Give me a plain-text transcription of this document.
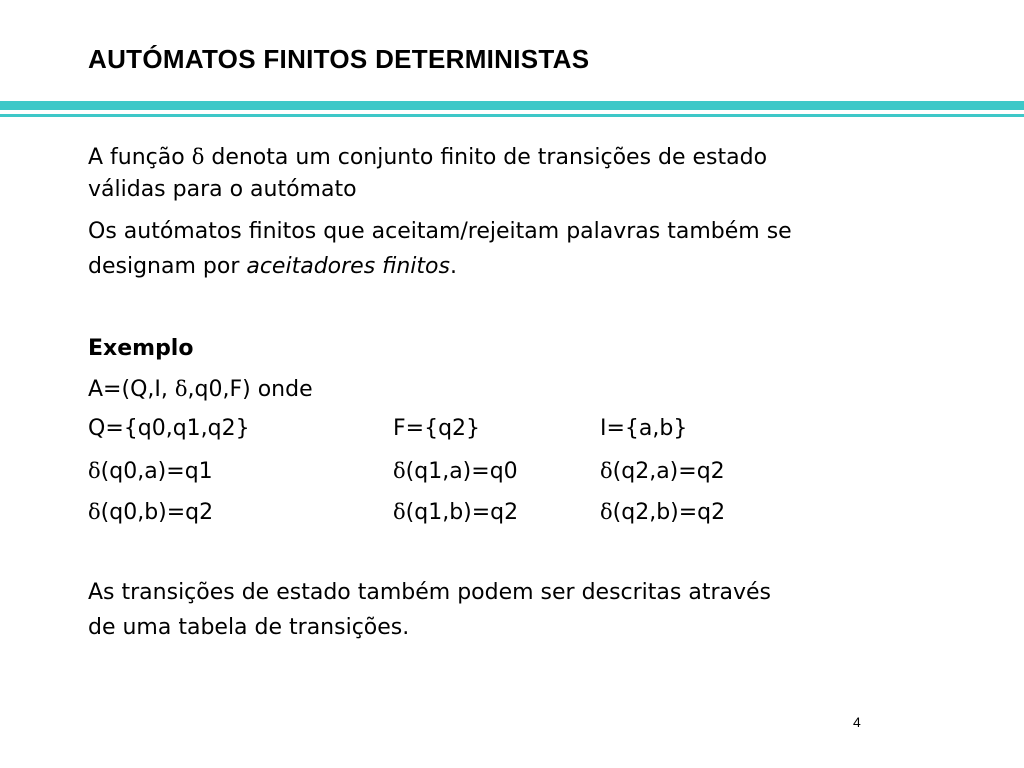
AUTÓMATOS FINITOS DETERMINISTAS
A função δ denota um conjunto finito de transições de estado
válidas para o autómato
Os autómatos finitos que aceitam/rejeitam palavras também se
designam por aceitadores finitos.
Exemplo
A=(Q,I, δ,q0,F) onde
Q={q0,q1,q2}	F={q2}	I={a,b}
δ(q0,a)=q1	δ(q1,a)=q0	δ(q2,a)=q2
δ(q0,b)=q2	δ(q1,b)=q2	δ(q2,b)=q2
As transições de estado também podem ser descritas através
de uma tabela de transições.
4
